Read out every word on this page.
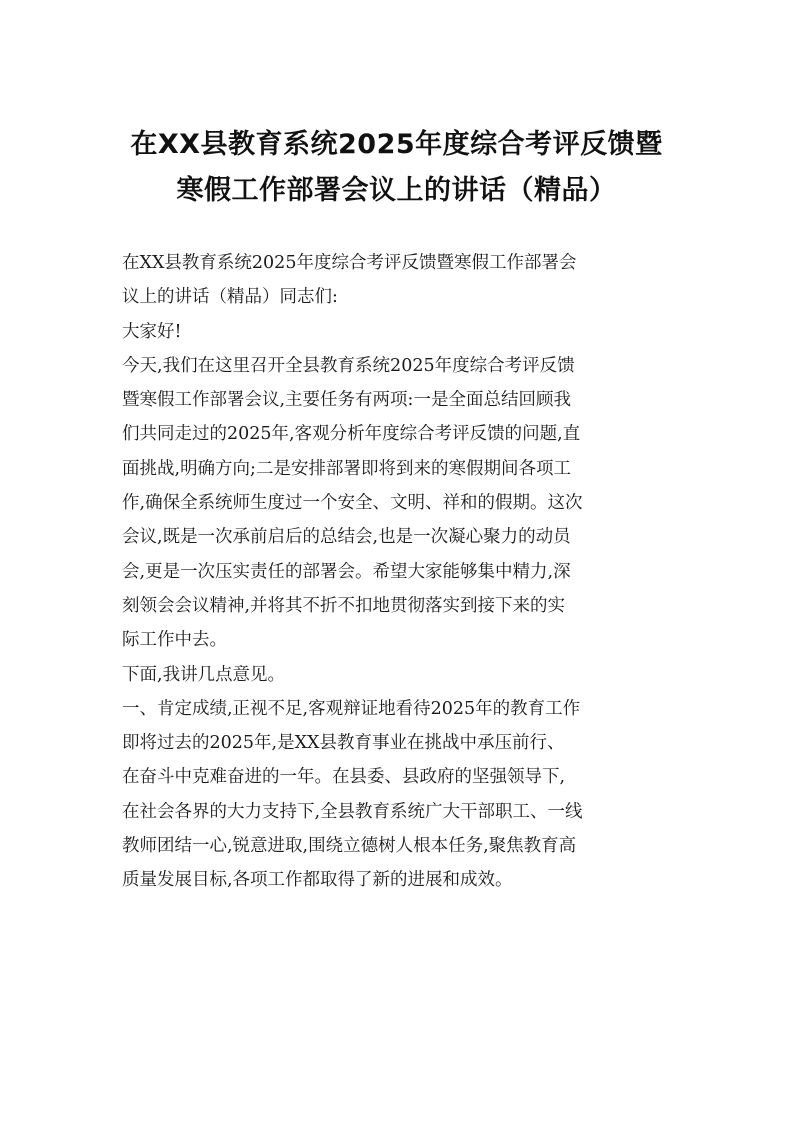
在XX县教育系统2025年度综合考评反馈暨
寒假工作部署会议上的讲话（精品）
在XX县教育系统2025年度综合考评反馈暨寒假工作部署会
议上的讲话（精品）同志们:
大家好!
今天,我们在这里召开全县教育系统2025年度综合考评反馈
暨寒假工作部署会议,主要任务有两项:一是全面总结回顾我
们共同走过的2025年,客观分析年度综合考评反馈的问题,直
面挑战,明确方向;二是安排部署即将到来的寒假期间各项工
作,确保全系统师生度过一个安全、文明、祥和的假期。这次
会议,既是一次承前启后的总结会,也是一次凝心聚力的动员
会,更是一次压实责任的部署会。希望大家能够集中精力,深
刻领会会议精神,并将其不折不扣地贯彻落实到接下来的实
际工作中去。
下面,我讲几点意见。
一、肯定成绩,正视不足,客观辩证地看待2025年的教育工作
即将过去的2025年,是XX县教育事业在挑战中承压前行、
在奋斗中克难奋进的一年。在县委、县政府的坚强领导下,
在社会各界的大力支持下,全县教育系统广大干部职工、一线
教师团结一心,锐意进取,围绕立德树人根本任务,聚焦教育高
质量发展目标,各项工作都取得了新的进展和成效。
